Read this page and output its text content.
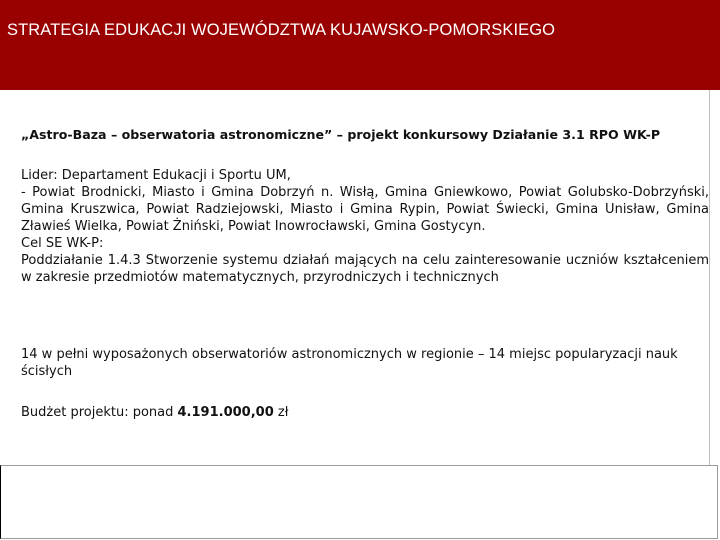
STRATEGIA EDUKACJI WOJEWÓDZTWA KUJAWSKO-POMORSKIEGO
„Astro-Baza – obserwatoria astronomiczne” – projekt konkursowy Działanie 3.1 RPO WK-P

Lider: Departament Edukacji i Sportu UM,

- Powiat Brodnicki, Miasto i Gmina Dobrzyń n. Wisłą, Gmina Gniewkowo, Powiat Golubsko-Dobrzyński, Gmina Kruszwica, Powiat Radziejowski, Miasto i Gmina Rypin, Powiat Świecki, Gmina Unisław, Gmina Zławieś Wielka, Powiat Żniński, Powiat Inowrocławski, Gmina Gostycyn.

Cel SE WK-P:

Poddziałanie 1.4.3 Stworzenie systemu działań mających na celu zainteresowanie uczniów kształceniem w zakresie przedmiotów matematycznych, przyrodniczych i technicznych

14 w pełni wyposażonych obserwatoriów astronomicznych w regionie – 14 miejsc popularyzacji nauk ścisłych

Budżet projektu: ponad 4.191.000,00 zł
